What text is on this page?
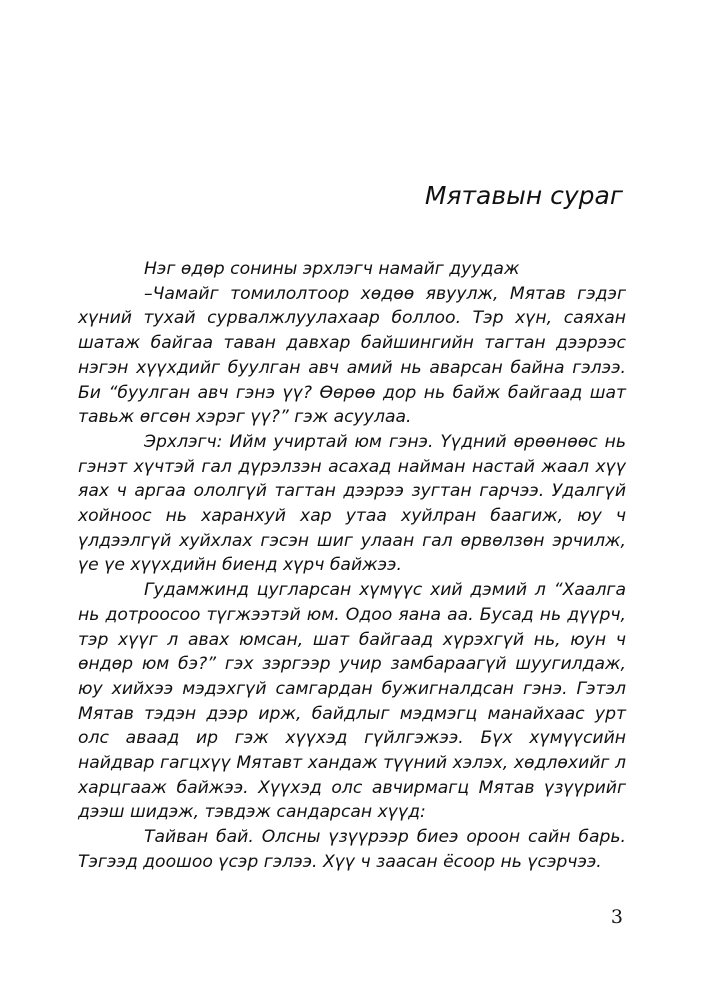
Мятавын сураг

Нэг өдөр сонины эрхлэгч намайг дуудаж

–Чамайг томилолтоор хөдөө явуулж, Мятав гэдэг хүний тухай сурвалжлуулахаар боллоо. Тэр хүн, саяхан шатаж байгаа таван давхар байшингийн тагтан дээрээс нэгэн хүүхдийг буулган авч амий нь аварсан байна гэлээ. Би “буулган авч гэнэ үү? Өөрөө дор нь байж байгаад шат тавьж өгсөн хэрэг үү?” гэж асуулаа.

Эрхлэгч: Ийм учиртай юм гэнэ. Үүдний өрөөнөөс нь гэнэт хүчтэй гал дүрэлзэн асахад найман настай жаал хүү яах ч аргаа ололгүй тагтан дээрээ зугтан гарчээ. Удалгүй хойноос нь харанхуй хар утаа хуйлран баагиж, юу ч үлдээлгүй хуйхлах гэсэн шиг улаан гал өрвөлзөн эрчилж, үе үе хүүхдийн биенд хүрч байжээ.

Гудамжинд цугларсан хүмүүс хий дэмий л “Хаалга нь дотроосоо түгжээтэй юм. Одоо яана аа. Бусад нь дүүрч, тэр хүүг л авах юмсан, шат байгаад хүрэхгүй нь, юун ч өндөр юм бэ?” гэх зэргээр учир замбараагүй шуугилдаж, юу хийхээ мэдэхгүй самгардан бужигналдсан гэнэ. Гэтэл Мятав тэдэн дээр ирж, байдлыг мэдмэгц манайхаас урт олс аваад ир гэж хүүхэд гүйлгэжээ. Бүх хүмүүсийн найдвар гагцхүү Мятавт хандаж түүний хэлэх, хөдлөхийг л харцгааж байжээ. Хүүхэд олс авчирмагц Мятав үзүүрийг дээш шидэж, тэвдэж сандарсан хүүд:

Тайван бай. Олсны үзүүрээр биеэ ороон сайн барь. Тэгээд доошоо үсэр гэлээ. Хүү ч заасан ёсоор нь үсэрчээ.

3
